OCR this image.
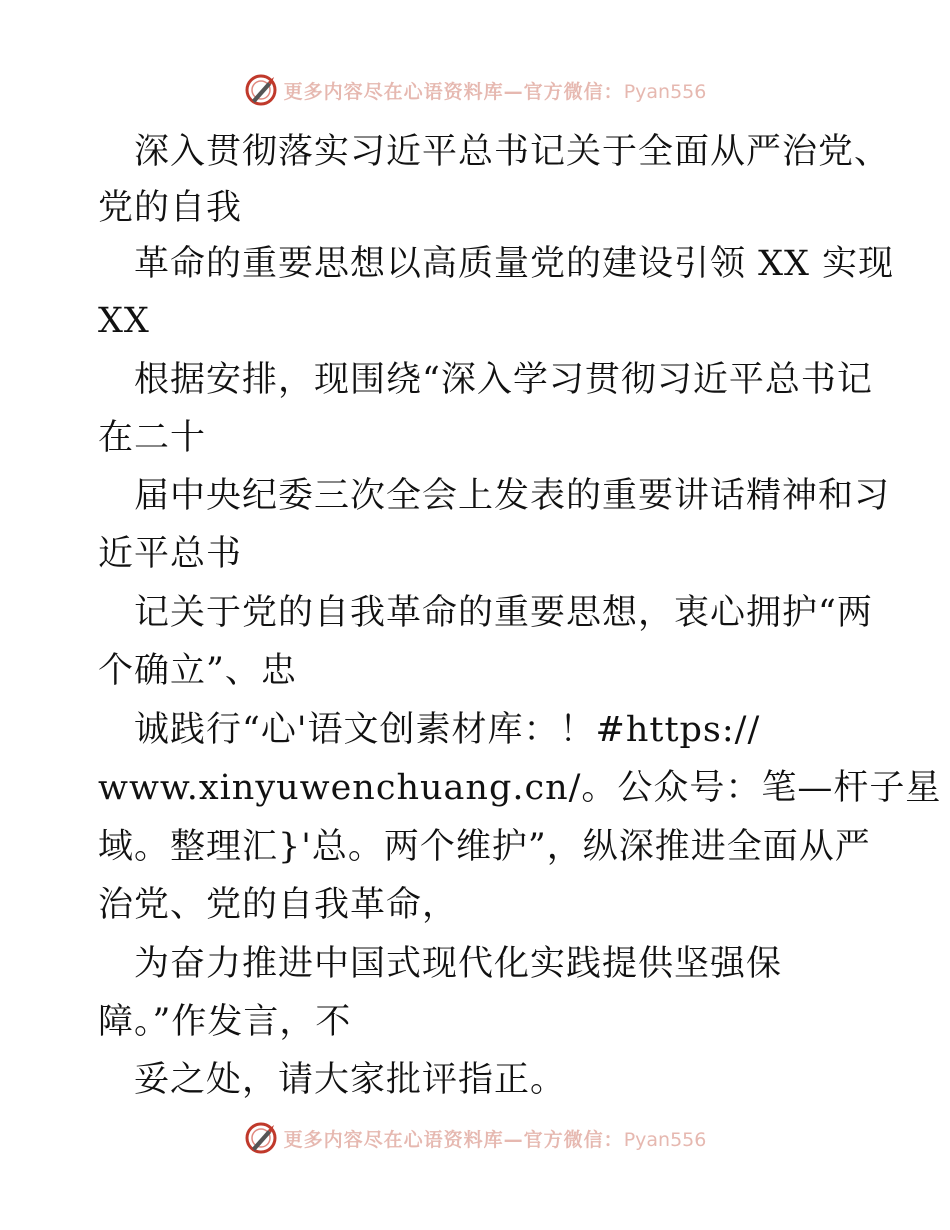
更多内容尽在心语资料库—官方微信：Pyan556
深入贯彻落实习近平总书记关于全面从严治党、
党的自我
革命的重要思想以高质量党的建设引领 XX 实现
XX
根据安排，现围绕“深入学习贯彻习近平总书记
在二十
届中央纪委三次全会上发表的重要讲话精神和习
近平总书
记关于党的自我革命的重要思想，衷心拥护“两
个确立”、忠
诚践行“心'语文创素材库：！#https://
www.xinyuwenchuang.cn/。公众号：笔—杆子星
域。整理汇}'总。两个维护”，纵深推进全面从严
治党、党的自我革命，
为奋力推进中国式现代化实践提供坚强保
障。”作发言，不
妥之处，请大家批评指正。
更多内容尽在心语资料库—官方微信：Pyan556
